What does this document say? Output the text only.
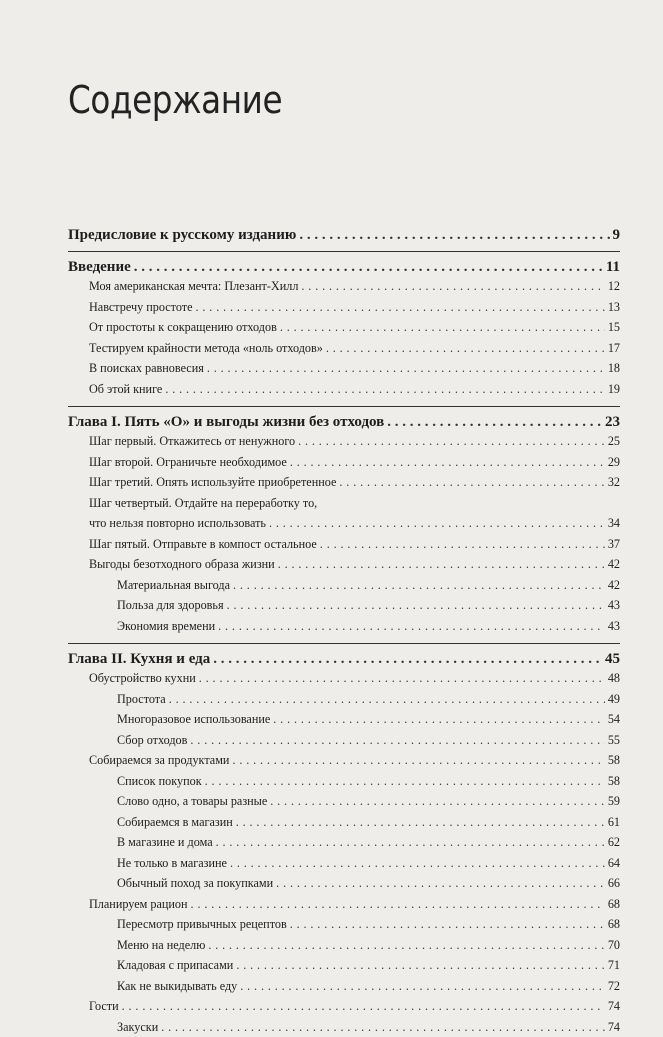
Содержание
Предисловие к русскому изданию . . .	9
Введение . . .	11
Моя американская мечта: Плезант-Хилл . . .	12
Навстречу простоте . . .	13
От простоты к сокращению отходов . . .	15
Тестируем крайности метода «ноль отходов» . . .	17
В поисках равновесия . . .	18
Об этой книге . . .	19
Глава I. Пять «О» и выгоды жизни без отходов . . .	23
Шаг первый. Откажитесь от ненужного . . .	25
Шаг второй. Ограничьте необходимое . . .	29
Шаг третий. Опять используйте приобретенное . . .	32
Шаг четвертый. Отдайте на переработку то,
что нельзя повторно использовать . . .	34
Шаг пятый. Отправьте в компост остальное . . .	37
Выгоды безотходного образа жизни . . .	42
Материальная выгода . . .	42
Польза для здоровья . . .	43
Экономия времени . . .	43
Глава II. Кухня и еда . . .	45
Обустройство кухни . . .	48
Простота . . .	49
Многоразовое использование . . .	54
Сбор отходов . . .	55
Собираемся за продуктами . . .	58
Список покупок . . .	58
Слово одно, а товары разные . . .	59
Собираемся в магазин . . .	61
В магазине и дома . . .	62
Не только в магазине . . .	64
Обычный поход за покупками . . .	66
Планируем рацион . . .	68
Пересмотр привычных рецептов . . .	68
Меню на неделю . . .	70
Кладовая с припасами . . .	71
Как не выкидывать еду . . .	72
Гости . . .	74
Закуски . . .	74
